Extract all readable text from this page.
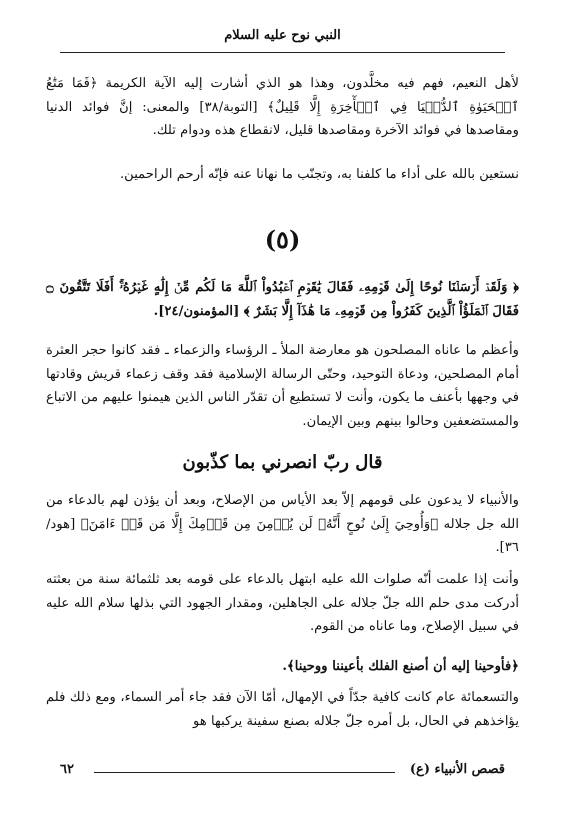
النبي نوح عليه السلام
لأهل النعيم، فهم فيه مخلَّدون، وهذا هو الذي أشارت إليه الآية الكريمة ﴿فَمَا مَتَٰعُ ٱلۡحَيَوٰةِ ٱلدُّنۡيَا فِي ٱلۡأٓخِرَةِ إِلَّا قَلِيلٌ﴾ [التوبة/٣٨] والمعنى: إنَّ فوائد الدنيا ومقاصدها في فوائد الآخرة ومقاصدها قليل، لانقطاع هذه ودوام تلك.
نستعين بالله على أداء ما كلفنا به، وتجنّب ما نهانا عنه فإنّه أرحم الراحمين.
(٥)
﴿ وَلَقَدۡ أَرۡسَلۡنَا نُوحًا إِلَىٰ قَوۡمِهِۦ فَقَالَ يَٰقَوۡمِ ٱعۡبُدُواْ ٱللَّهَ مَا لَكُم مِّنۡ إِلَٰهٍ غَيۡرُهُۥٓۚ أَفَلَا تَتَّقُونَ ۝ فَقَالَ ٱلۡمَلَؤُاْ ٱلَّذِينَ كَفَرُواْ مِن قَوۡمِهِۦ مَا هَٰذَآ إِلَّا بَشَرٌ ﴾ [المؤمنون/٢٤].
وأعظم ما عاناه المصلحون هو معارضة الملأ ـ الرؤساء والزعماء ـ فقد كانوا حجر العثرة أمام المصلحين، ودعاة التوحيد، وحتّى الرسالة الإسلامية فقد وقف زعماء قريش وقادتها في وجهها بأعنف ما يكون، وأنت لا تستطيع أن تقدّر الناس الذين هيمنوا عليهم من الاتباع والمستضعفين وحالوا بينهم وبين الإيمان.
قال ربّ انصرني بما كذّبون
والأنبياء لا يدعون على قومهم إلاّ بعد الأياس من الإصلاح، وبعد أن يؤذن لهم بالدعاء من الله جل جلاله ﴿وَأُوحِيَ إِلَىٰ نُوحٍ أَنَّهُۥ لَن يُؤۡمِنَ مِن قَوۡمِكَ إِلَّا مَن قَدۡ ءَامَنَ﴾ [هود/٣٦].
وأنت إذا علمت أنّه صلوات الله عليه ابتهل بالدعاء على قومه بعد ثلثمائة سنة من بعثته أدركت مدى حلم الله جلّ جلاله على الجاهلين، ومقدار الجهود التي بذلها سلام الله عليه في سبيل الإصلاح، وما عاناه من القوم.
﴿فأوحينا إليه أن أصنع الفلك بأعيننا ووحينا﴾.
والتسعمائة عام كانت كافية جدّاً في الإمهال، أمّا الآن فقد جاء أمر السماء، ومع ذلك فلم يؤاخذهم في الحال، بل أمره جلّ جلاله بصنع سفينة يركبها هو
٦٢	قصص الأنبياء (ع)
